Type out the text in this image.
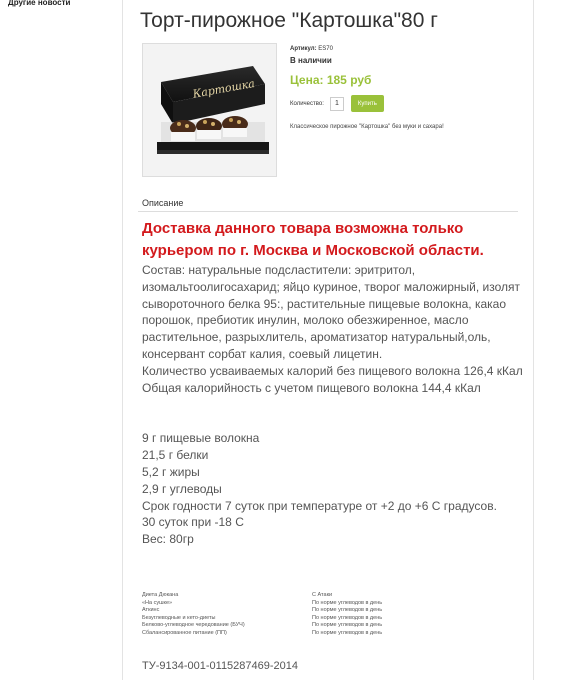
Другие новости
Торт-пирожное "Картошка"80 г
Картошка
Артикул: ES70
В наличии
Цена: 185 руб
Количество:
1	Купить
Классическое пирожное "Картошка" без муки и сахара!
Описание
Доставка данного товара возможна только курьером по г. Москва и Московской области.

Состав: натуральные подсластители: эритритол, изомальтоолигосахарид; яйцо куриное, творог маложирный, изолят сывороточного белка 95:, растительные пищевые волокна, какао порошок, пребиотик инулин, молоко обезжиренное, масло растительное, разрыхлитель, ароматизатор натуральный,оль, консервант сорбат калия, соевый лицетин.

Количество усваиваемых калорий без пищевого волокна 126,4 кКал

Общая калорийность с учетом пищевого волокна 144,4 кКал

9 г пищевые волокна

21,5 г белки

5,2 г жиры

2,9 г углеводы

Срок годности 7 суток при температуре от +2 до +6 С градусов.

30 суток при -18 С

Вес: 80гр

Диета Дюкана	С Атаки
«На сушке»	По норме углеводов в день
Аткинс	По норме углеводов в день
Безуглеводные и кето-диеты	По норме углеводов в день
Белково-углеводное чередование (БУЧ)	По норме углеводов в день
Сбалансированное питание (ПП)	По норме углеводов в день
ТУ-9134-001-0115287469-2014
